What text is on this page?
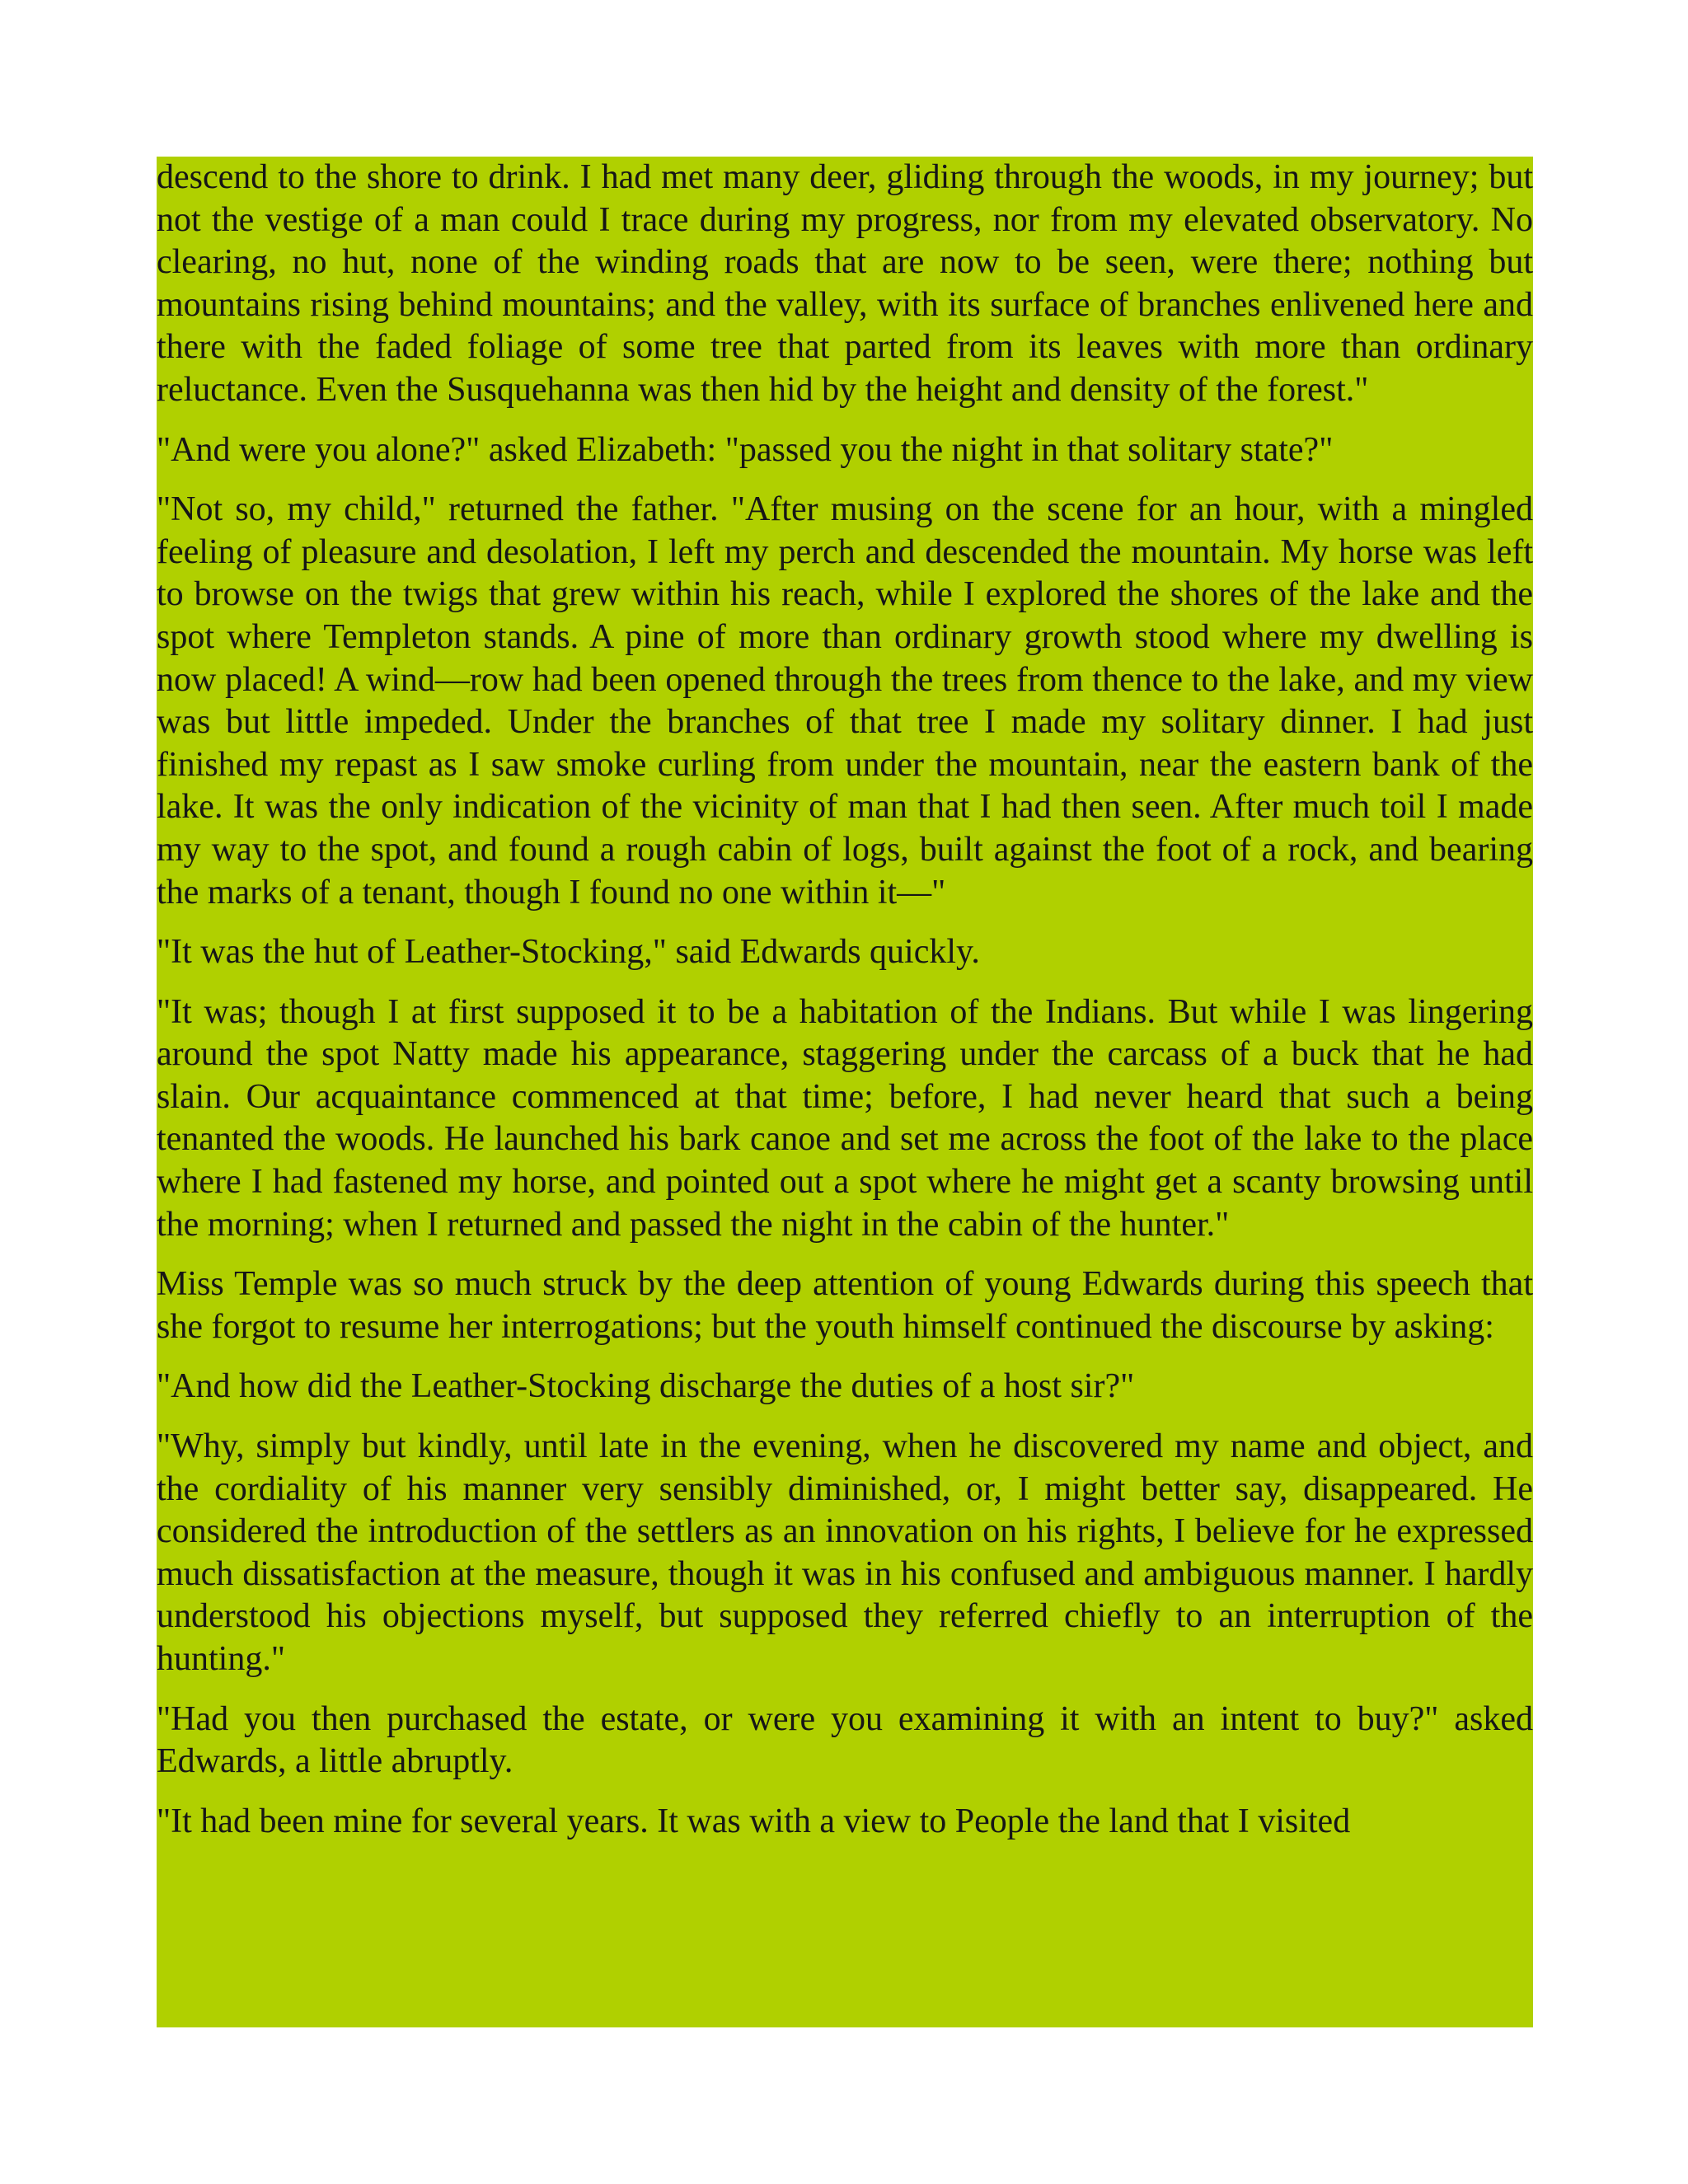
descend to the shore to drink. I had met many deer, gliding through the woods, in my journey; but not the vestige of a man could I trace during my progress, nor from my elevated observatory. No clearing, no hut, none of the winding roads that are now to be seen, were there; nothing but mountains rising behind mountains; and the valley, with its surface of branches enlivened here and there with the faded foliage of some tree that parted from its leaves with more than ordinary reluctance. Even the Susquehanna was then hid by the height and density of the forest."

"And were you alone?" asked Elizabeth: "passed you the night in that solitary state?"

"Not so, my child," returned the father. "After musing on the scene for an hour, with a mingled feeling of pleasure and desolation, I left my perch and descended the mountain. My horse was left to browse on the twigs that grew within his reach, while I explored the shores of the lake and the spot where Templeton stands. A pine of more than ordinary growth stood where my dwelling is now placed! A wind—row had been opened through the trees from thence to the lake, and my view was but little impeded. Under the branches of that tree I made my solitary dinner. I had just finished my repast as I saw smoke curling from under the mountain, near the eastern bank of the lake. It was the only indication of the vicinity of man that I had then seen. After much toil I made my way to the spot, and found a rough cabin of logs, built against the foot of a rock, and bearing the marks of a tenant, though I found no one within it—"

"It was the hut of Leather-Stocking," said Edwards quickly.

"It was; though I at first supposed it to be a habitation of the Indians. But while I was lingering around the spot Natty made his appearance, staggering under the carcass of a buck that he had slain. Our acquaintance commenced at that time; before, I had never heard that such a being tenanted the woods. He launched his bark canoe and set me across the foot of the lake to the place where I had fastened my horse, and pointed out a spot where he might get a scanty browsing until the morning; when I returned and passed the night in the cabin of the hunter."

Miss Temple was so much struck by the deep attention of young Edwards during this speech that she forgot to resume her interrogations; but the youth himself continued the discourse by asking:

"And how did the Leather-Stocking discharge the duties of a host sir?"

"Why, simply but kindly, until late in the evening, when he discovered my name and object, and the cordiality of his manner very sensibly diminished, or, I might better say, disappeared. He considered the introduction of the settlers as an innovation on his rights, I believe for he expressed much dissatisfaction at the measure, though it was in his confused and ambiguous manner. I hardly understood his objections myself, but supposed they referred chiefly to an interruption of the hunting."

"Had you then purchased the estate, or were you examining it with an intent to buy?" asked Edwards, a little abruptly.

"It had been mine for several years. It was with a view to People the land that I visited
